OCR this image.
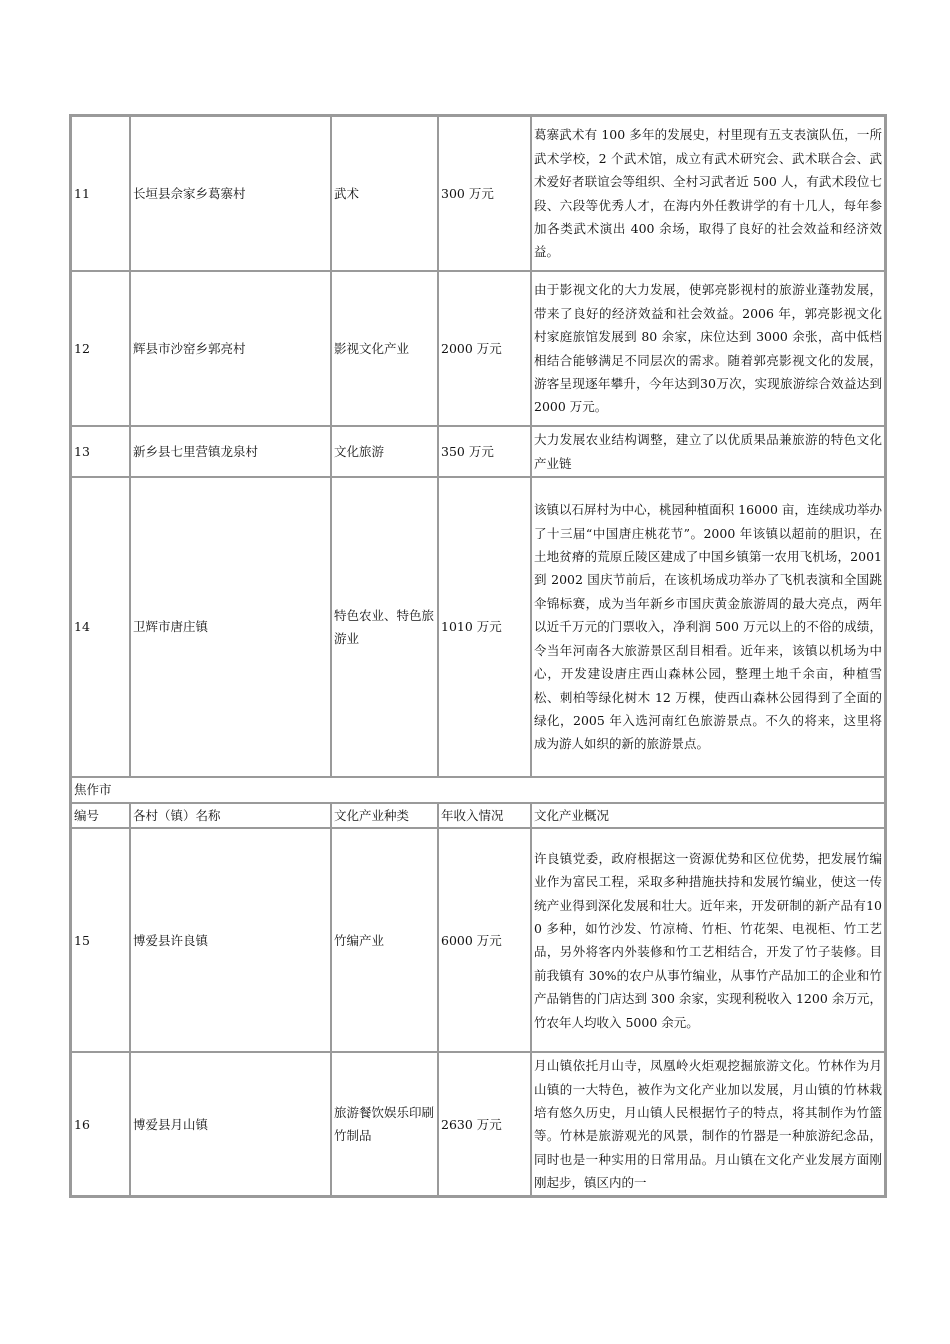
11	长垣县佘家乡葛寨村	武术	300 万元	葛寨武术有 100 多年的发展史，村里现有五支表演队伍，一所武术学校，2 个武术馆，成立有武术研究会、武术联合会、武术爱好者联谊会等组织、全村习武者近 500 人，有武术段位七段、六段等优秀人才，在海内外任教讲学的有十几人，每年参加各类武术演出 400 余场，取得了良好的社会效益和经济效益。
12	辉县市沙窑乡郭亮村	影视文化产业	2000 万元	由于影视文化的大力发展，使郭亮影视村的旅游业蓬勃发展，带来了良好的经济效益和社会效益。2006 年，郭亮影视文化村家庭旅馆发展到 80 余家，床位达到 3000 余张，高中低档相结合能够满足不同层次的需求。随着郭亮影视文化的发展，游客呈现逐年攀升，今年达到30万次，实现旅游综合效益达到2000 万元。
13	新乡县七里营镇龙泉村	文化旅游	350 万元	大力发展农业结构调整，建立了以优质果品兼旅游的特色文化产业链
14	卫辉市唐庄镇	特色农业、特色旅游业	1010 万元	该镇以石屏村为中心，桃园种植面积 16000 亩，连续成功举办了十三届“中国唐庄桃花节”。2000 年该镇以超前的胆识，在土地贫瘠的荒原丘陵区建成了中国乡镇第一农用飞机场，2001 到 2002 国庆节前后，在该机场成功举办了飞机表演和全国跳伞锦标赛，成为当年新乡市国庆黄金旅游周的最大亮点，两年以近千万元的门票收入，净利润 500 万元以上的不俗的成绩，令当年河南各大旅游景区刮目相看。近年来，该镇以机场为中心，开发建设唐庄西山森林公园，整理土地千余亩，种植雪松、刺柏等绿化树木 12 万棵，使西山森林公园得到了全面的绿化，2005 年入选河南红色旅游景点。不久的将来，这里将成为游人如织的新的旅游景点。
焦作市				
编号	各村（镇）名称	文化产业种类	年收入情况	文化产业概况
15	博爱县许良镇	竹编产业	6000 万元	许良镇党委，政府根据这一资源优势和区位优势，把发展竹编业作为富民工程，采取多种措施扶持和发展竹编业，使这一传统产业得到深化发展和壮大。近年来，开发研制的新产品有100 多种，如竹沙发、竹凉椅、竹柜、竹花架、电视柜、竹工艺品，另外将客内外装修和竹工艺相结合，开发了竹子装修。目前我镇有 30%的农户从事竹编业，从事竹产品加工的企业和竹产品销售的门店达到 300 余家，实现利税收入 1200 余万元，竹农年人均收入 5000 余元。
16	博爱县月山镇	旅游餐饮娱乐印刷竹制品	2630 万元	月山镇依托月山寺，凤凰岭火炬观挖掘旅游文化。竹林作为月山镇的一大特色，被作为文化产业加以发展，月山镇的竹林栽培有悠久历史，月山镇人民根据竹子的特点，将其制作为竹篮等。竹林是旅游观光的风景，制作的竹器是一种旅游纪念品，同时也是一种实用的日常用品。月山镇在文化产业发展方面刚刚起步，镇区内的一
